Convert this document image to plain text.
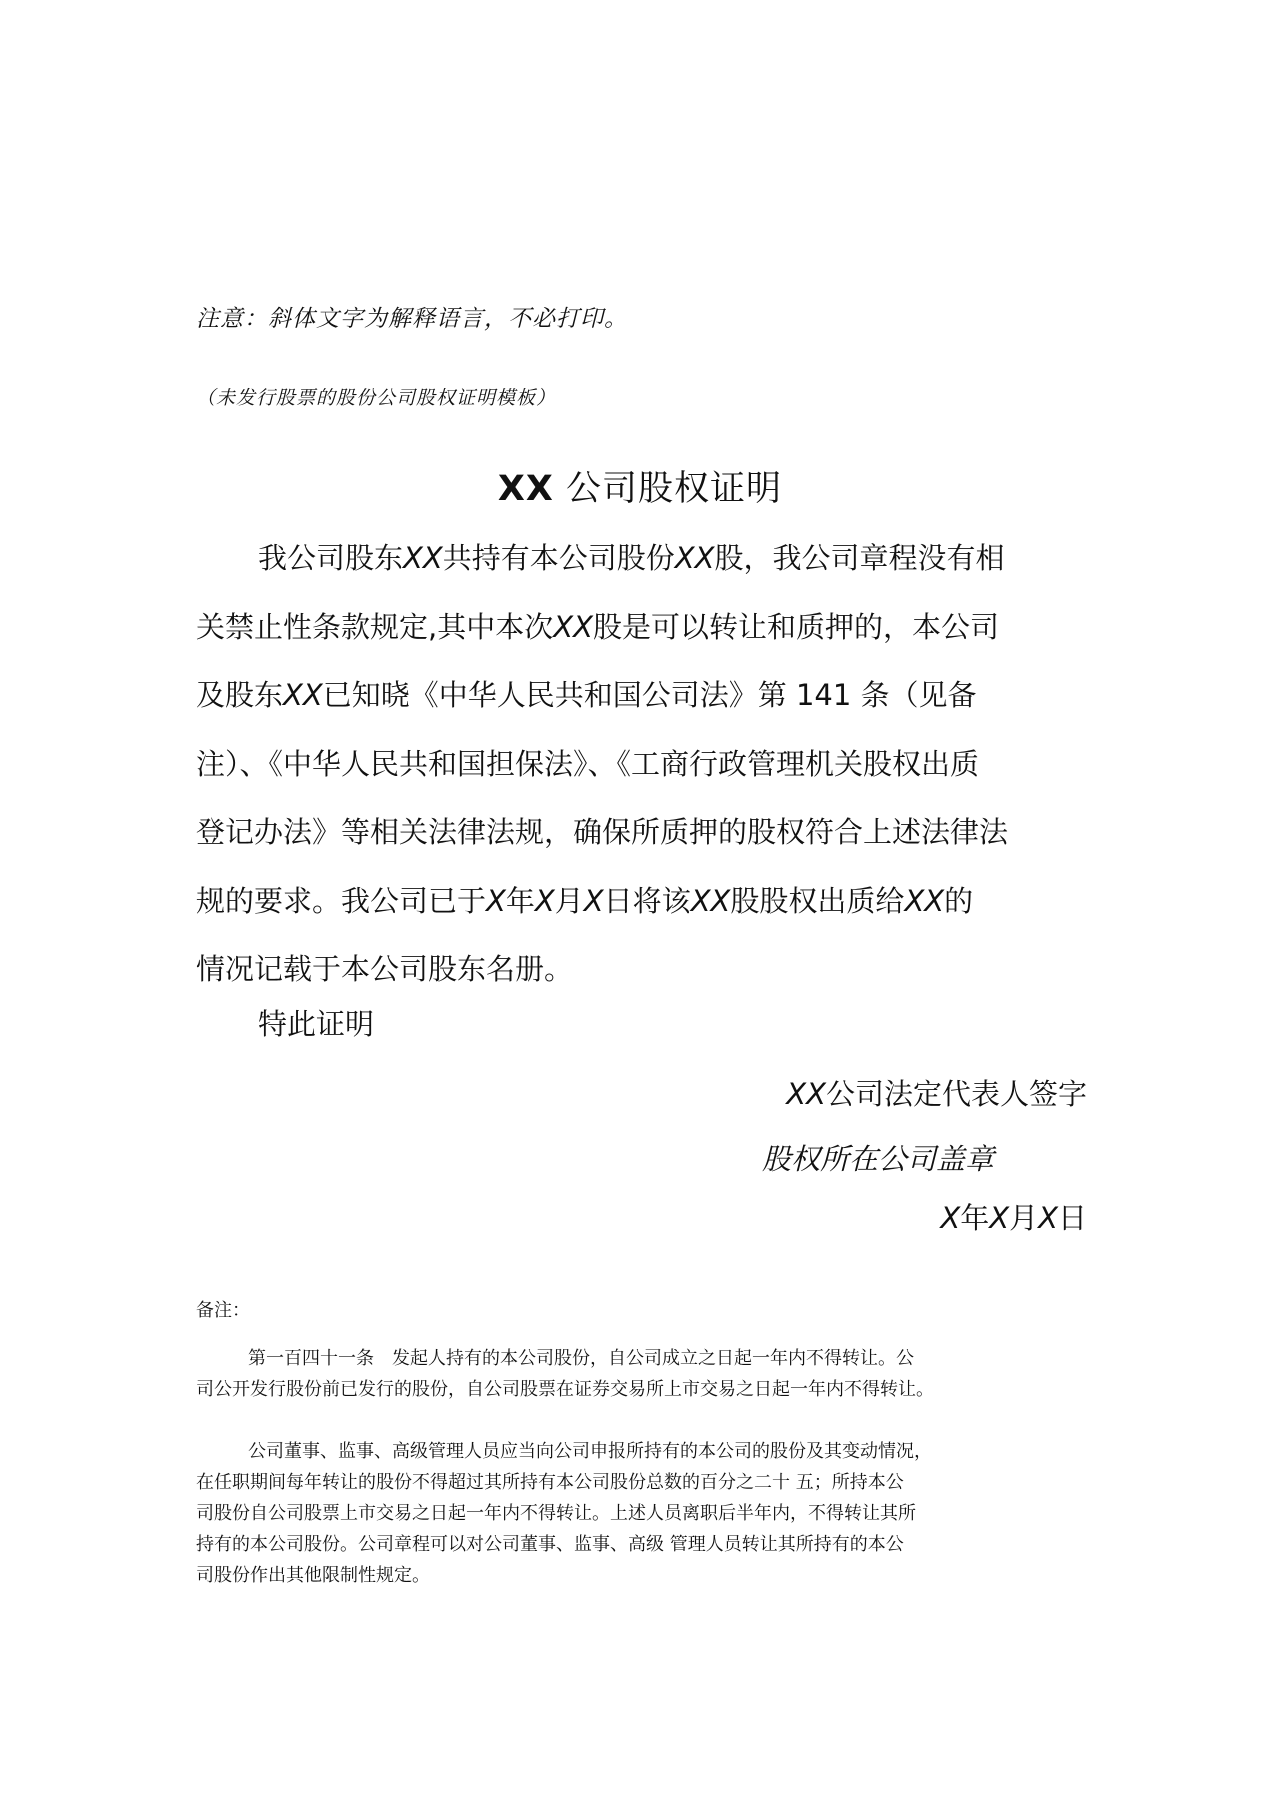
注意：斜体文字为解释语言，不必打印。
（未发行股票的股份公司股权证明模板）
XX 公司股权证明
我公司股东XX共持有本公司股份XX股，我公司章程没有相
关禁止性条款规定,其中本次XX股是可以转让和质押的，本公司
及股东XX已知晓《中华人民共和国公司法》第 141 条（见备
注）、《中华人民共和国担保法》、《工商行政管理机关股权出质
登记办法》等相关法律法规，确保所质押的股权符合上述法律法
规的要求。我公司已于X年X月X日将该XX股股权出质给XX的
情况记载于本公司股东名册。
特此证明
XX公司法定代表人签字
股权所在公司盖章
X年X月X日
备注：
第一百四十一条　发起人持有的本公司股份，自公司成立之日起一年内不得转让。公
司公开发行股份前已发行的股份，自公司股票在证券交易所上市交易之日起一年内不得转让。
公司董事、监事、高级管理人员应当向公司申报所持有的本公司的股份及其变动情况，
在任职期间每年转让的股份不得超过其所持有本公司股份总数的百分之二十 五；所持本公
司股份自公司股票上市交易之日起一年内不得转让。上述人员离职后半年内，不得转让其所
持有的本公司股份。公司章程可以对公司董事、监事、高级 管理人员转让其所持有的本公
司股份作出其他限制性规定。
